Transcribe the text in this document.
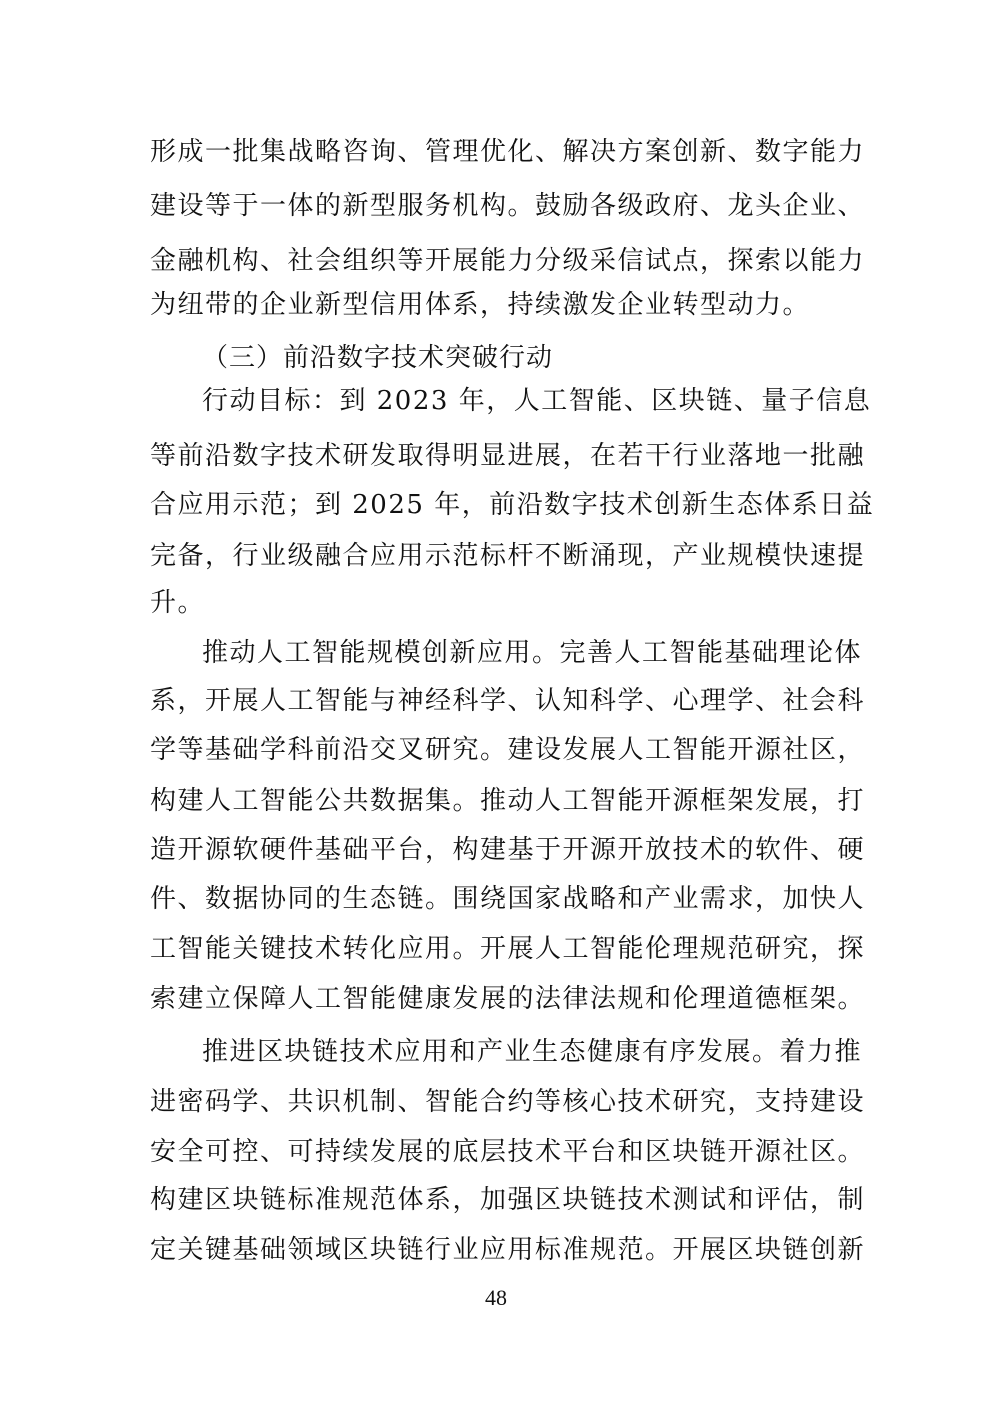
形成一批集战略咨询、管理优化、解决方案创新、数字能力
建设等于一体的新型服务机构。鼓励各级政府、龙头企业、
金融机构、社会组织等开展能力分级采信试点，探索以能力
为纽带的企业新型信用体系，持续激发企业转型动力。
（三）前沿数字技术突破行动
行动目标：到 2023 年，人工智能、区块链、量子信息
等前沿数字技术研发取得明显进展，在若干行业落地一批融
合应用示范；到 2025 年，前沿数字技术创新生态体系日益
完备，行业级融合应用示范标杆不断涌现，产业规模快速提
升。
推动人工智能规模创新应用。完善人工智能基础理论体
系，开展人工智能与神经科学、认知科学、心理学、社会科
学等基础学科前沿交叉研究。建设发展人工智能开源社区，
构建人工智能公共数据集。推动人工智能开源框架发展，打
造开源软硬件基础平台，构建基于开源开放技术的软件、硬
件、数据协同的生态链。围绕国家战略和产业需求，加快人
工智能关键技术转化应用。开展人工智能伦理规范研究，探
索建立保障人工智能健康发展的法律法规和伦理道德框架。
推进区块链技术应用和产业生态健康有序发展。着力推
进密码学、共识机制、智能合约等核心技术研究，支持建设
安全可控、可持续发展的底层技术平台和区块链开源社区。
构建区块链标准规范体系，加强区块链技术测试和评估，制
定关键基础领域区块链行业应用标准规范。开展区块链创新
48
